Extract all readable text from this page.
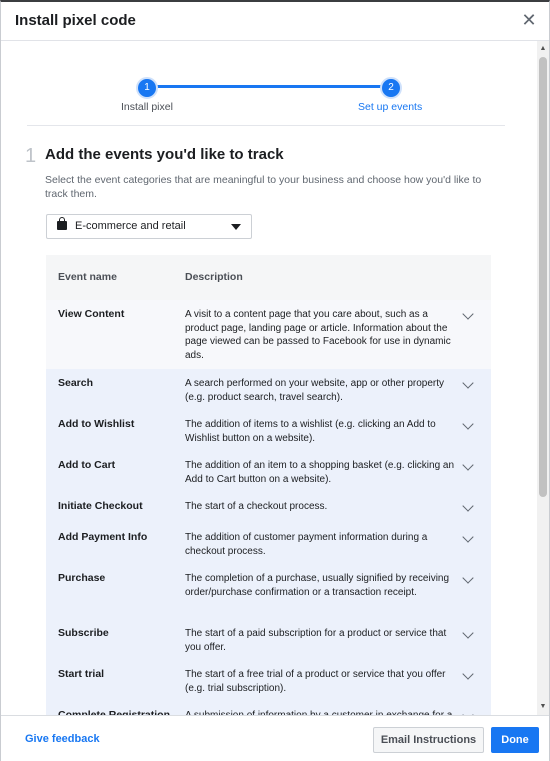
Install pixel code	✕
1	2
Install pixel	Set up events
1 Add the events you'd like to track
Select the event categories that are meaningful to your business and choose how you'd like to track them.
E-commerce and retail
Event name	Description
View Content	A visit to a content page that you care about, such as a product page, landing page or article. Information about the page viewed can be passed to Facebook for use in dynamic ads.
Search	A search performed on your website, app or other property (e.g. product search, travel search).
Add to Wishlist	The addition of items to a wishlist (e.g. clicking an Add to Wishlist button on a website).
Add to Cart	The addition of an item to a shopping basket (e.g. clicking an Add to Cart button on a website).
Initiate Checkout	The start of a checkout process.
Add Payment Info	The addition of customer payment information during a checkout process.
Purchase	The completion of a purchase, usually signified by receiving order/purchase confirmation or a transaction receipt.
Subscribe	The start of a paid subscription for a product or service that you offer.
Start trial	The start of a free trial of a product or service that you offer (e.g. trial subscription).
▲
▼
Give feedback	Email Instructions	Done
